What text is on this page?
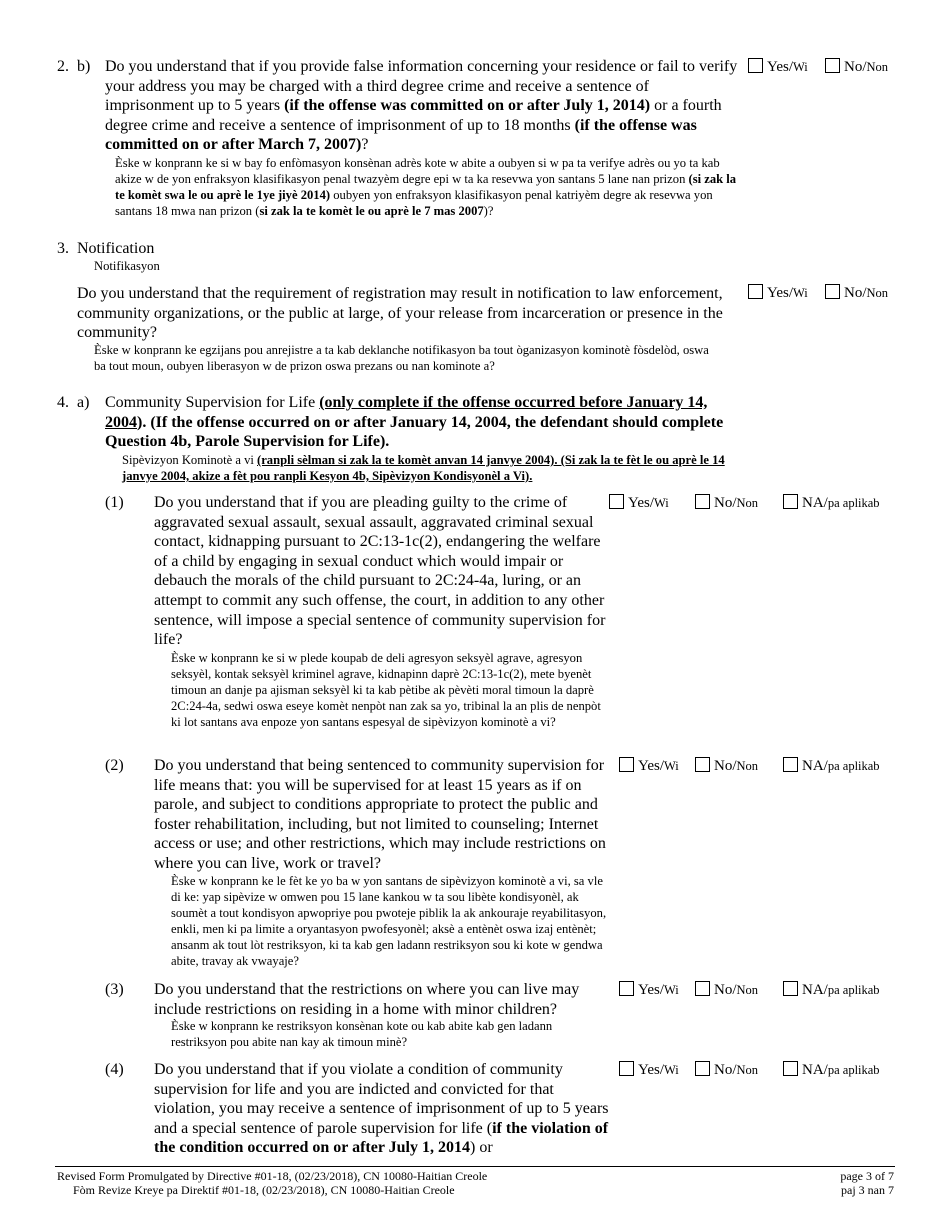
2. b) Do you understand that if you provide false information concerning your residence or fail to verify your address you may be charged with a third degree crime and receive a sentence of imprisonment up to 5 years (if the offense was committed on or after July 1, 2014) or a fourth degree crime and receive a sentence of imprisonment of up to 18 months (if the offense was committed on or after March 7, 2007)?
Èske w konprann ke si w bay fo enfòmasyon konsènan adrès kote w abite a oubyen si w pa ta verifye adrès ou yo ta kab akize w de yon enfraksyon klasifikasyon penal twazyèm degre epi w ta ka resevwa yon santans 5 lane nan prizon (si zak la te komèt swa le ou aprè le 1ye jiyè 2014) oubyen yon enfraksyon klasifikasyon penal katriyèm degre ak resevwa yon santans 18 mwa nan prizon (si zak la te komèt le ou aprè le 7 mas 2007)?
Yes/Wi	No/Non
3. Notification
Notifikasyon
Do you understand that the requirement of registration may result in notification to law enforcement, community organizations, or the public at large, of your release from incarceration or presence in the community?
Èske w konprann ke egzijans pou anrejistre a ta kab deklanche notifikasyon ba tout òganizasyon kominotè fòsdelòd, oswa ba tout moun, oubyen liberasyon w de prizon oswa prezans ou nan kominote a?
Yes/Wi	No/Non
4. a) Community Supervision for Life (only complete if the offense occurred before January 14, 2004). (If the offense occurred on or after January 14, 2004, the defendant should complete Question 4b, Parole Supervision for Life).
Sipèvizyon Kominotè a vi (ranpli sèlman si zak la te komèt anvan 14 janvye 2004). (Si zak la te fèt le ou aprè le 14 janvye 2004, akize a fèt pou ranpli Kesyon 4b, Sipèvizyon Kondisyonèl a Vi).
(1) Do you understand that if you are pleading guilty to the crime of aggravated sexual assault, sexual assault, aggravated criminal sexual contact, kidnapping pursuant to 2C:13-1c(2), endangering the welfare of a child by engaging in sexual conduct which would impair or debauch the morals of the child pursuant to 2C:24-4a, luring, or an attempt to commit any such offense, the court, in addition to any other sentence, will impose a special sentence of community supervision for life?
Èske w konprann ke si w plede koupab de deli agresyon seksyèl agrave, agresyon seksyèl, kontak seksyèl kriminel agrave, kidnapinn daprè 2C:13-1c(2), mete byenèt timoun an danje pa ajisman seksyèl ki ta kab pètibe ak pèvèti moral timoun la daprè 2C:24-4a, sedwi oswa eseye komèt nenpòt nan zak sa yo, tribinal la an plis de nenpòt ki lot santans ava enpoze yon santans espesyal de sipèvizyon kominotè a vi?
Yes/Wi	No/Non	NA/pa aplikab
(2) Do you understand that being sentenced to community supervision for life means that: you will be supervised for at least 15 years as if on parole, and subject to conditions appropriate to protect the public and foster rehabilitation, including, but not limited to counseling; Internet access or use; and other restrictions, which may include restrictions on where you can live, work or travel?
Èske w konprann ke le fèt ke yo ba w yon santans de sipèvizyon kominotè a vi, sa vle di ke: yap sipèvize w omwen pou 15 lane kankou w ta sou libète kondisyonèl, ak soumèt a tout kondisyon apwopriye pou pwoteje piblik la ak ankouraje reyabilitasyon, enkli, men ki pa limite a oryantasyon pwofesyonèl; aksè a entènèt oswa izaj entènèt; ansanm ak tout lòt restriksyon, ki ta kab gen ladann restriksyon sou ki kote w gendwa abite, travay ak vwayaje?
Yes/Wi	No/Non	NA/pa aplikab
(3) Do you understand that the restrictions on where you can live may include restrictions on residing in a home with minor children?
Èske w konprann ke restriksyon konsènan kote ou kab abite kab gen ladann restriksyon pou abite nan kay ak timoun minè?
Yes/Wi	No/Non	NA/pa aplikab
(4) Do you understand that if you violate a condition of community supervision for life and you are indicted and convicted for that violation, you may receive a sentence of imprisonment of up to 5 years and a special sentence of parole supervision for life (if the violation of the condition occurred on or after July 1, 2014) or
Yes/Wi	No/Non	NA/pa aplikab
Revised Form Promulgated by Directive #01-18, (02/23/2018), CN 10080-Haitian Creole
Fòm Revize Kreye pa Direktif #01-18, (02/23/2018), CN 10080-Haitian Creole
page 3 of 7
paj 3 nan 7
